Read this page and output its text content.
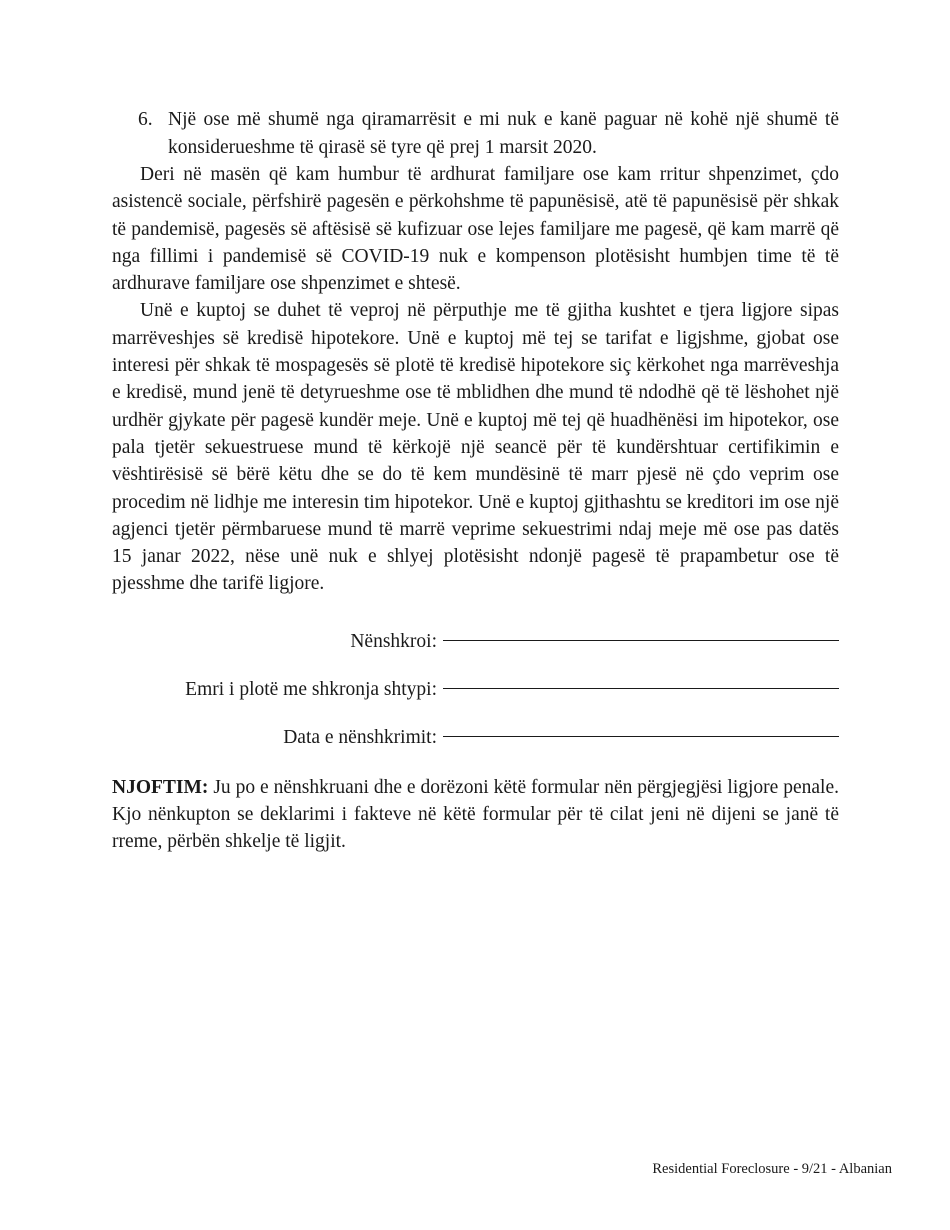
6. Një ose më shumë nga qiramarrësit e mi nuk e kanë paguar në kohë një shumë të konsiderueshme të qirasë së tyre që prej 1 marsit 2020.

Deri në masën që kam humbur të ardhurat familjare ose kam rritur shpenzimet, çdo asistencë sociale, përfshirë pagesën e përkohshme të papunësisë, atë të papunësisë për shkak të pandemisë, pagesës së aftësisë së kufizuar ose lejes familjare me pagesë, që kam marrë që nga fillimi i pandemisë së COVID-19 nuk e kompenson plotësisht humbjen time të të ardhurave familjare ose shpenzimet e shtesë.

Unë e kuptoj se duhet të veproj në përputhje me të gjitha kushtet e tjera ligjore sipas marrëveshjes së kredisë hipotekore. Unë e kuptoj më tej se tarifat e ligjshme, gjobat ose interesi për shkak të mospagesës së plotë të kredisë hipotekore siç kërkohet nga marrëveshja e kredisë, mund jenë të detyrueshme ose të mblidhen dhe mund të ndodhë që të lëshohet një urdhër gjykate për pagesë kundër meje. Unë e kuptoj më tej që huadhënësi im hipotekor, ose pala tjetër sekuestruese mund të kërkojë një seancë për të kundërshtuar certifikimin e vështirësisë së bërë këtu dhe se do të kem mundësinë të marr pjesë në çdo veprim ose procedim në lidhje me interesin tim hipotekor. Unë e kuptoj gjithashtu se kreditori im ose një agjenci tjetër përmbaruese mund të marrë veprime sekuestrimi ndaj meje më ose pas datës 15 janar 2022, nëse unë nuk e shlyej plotësisht ndonjë pagesë të prapambetur ose të pjesshme dhe tarifë ligjore.

Nënshkroi:
Emri i plotë me shkronja shtypi:
Data e nënshkrimit:

NJOFTIM: Ju po e nënshkruani dhe e dorëzoni këtë formular nën përgjegjësi ligjore penale. Kjo nënkupton se deklarimi i fakteve në këtë formular për të cilat jeni në dijeni se janë të rreme, përbën shkelje të ligjit.

Residential Foreclosure - 9/21 - Albanian
